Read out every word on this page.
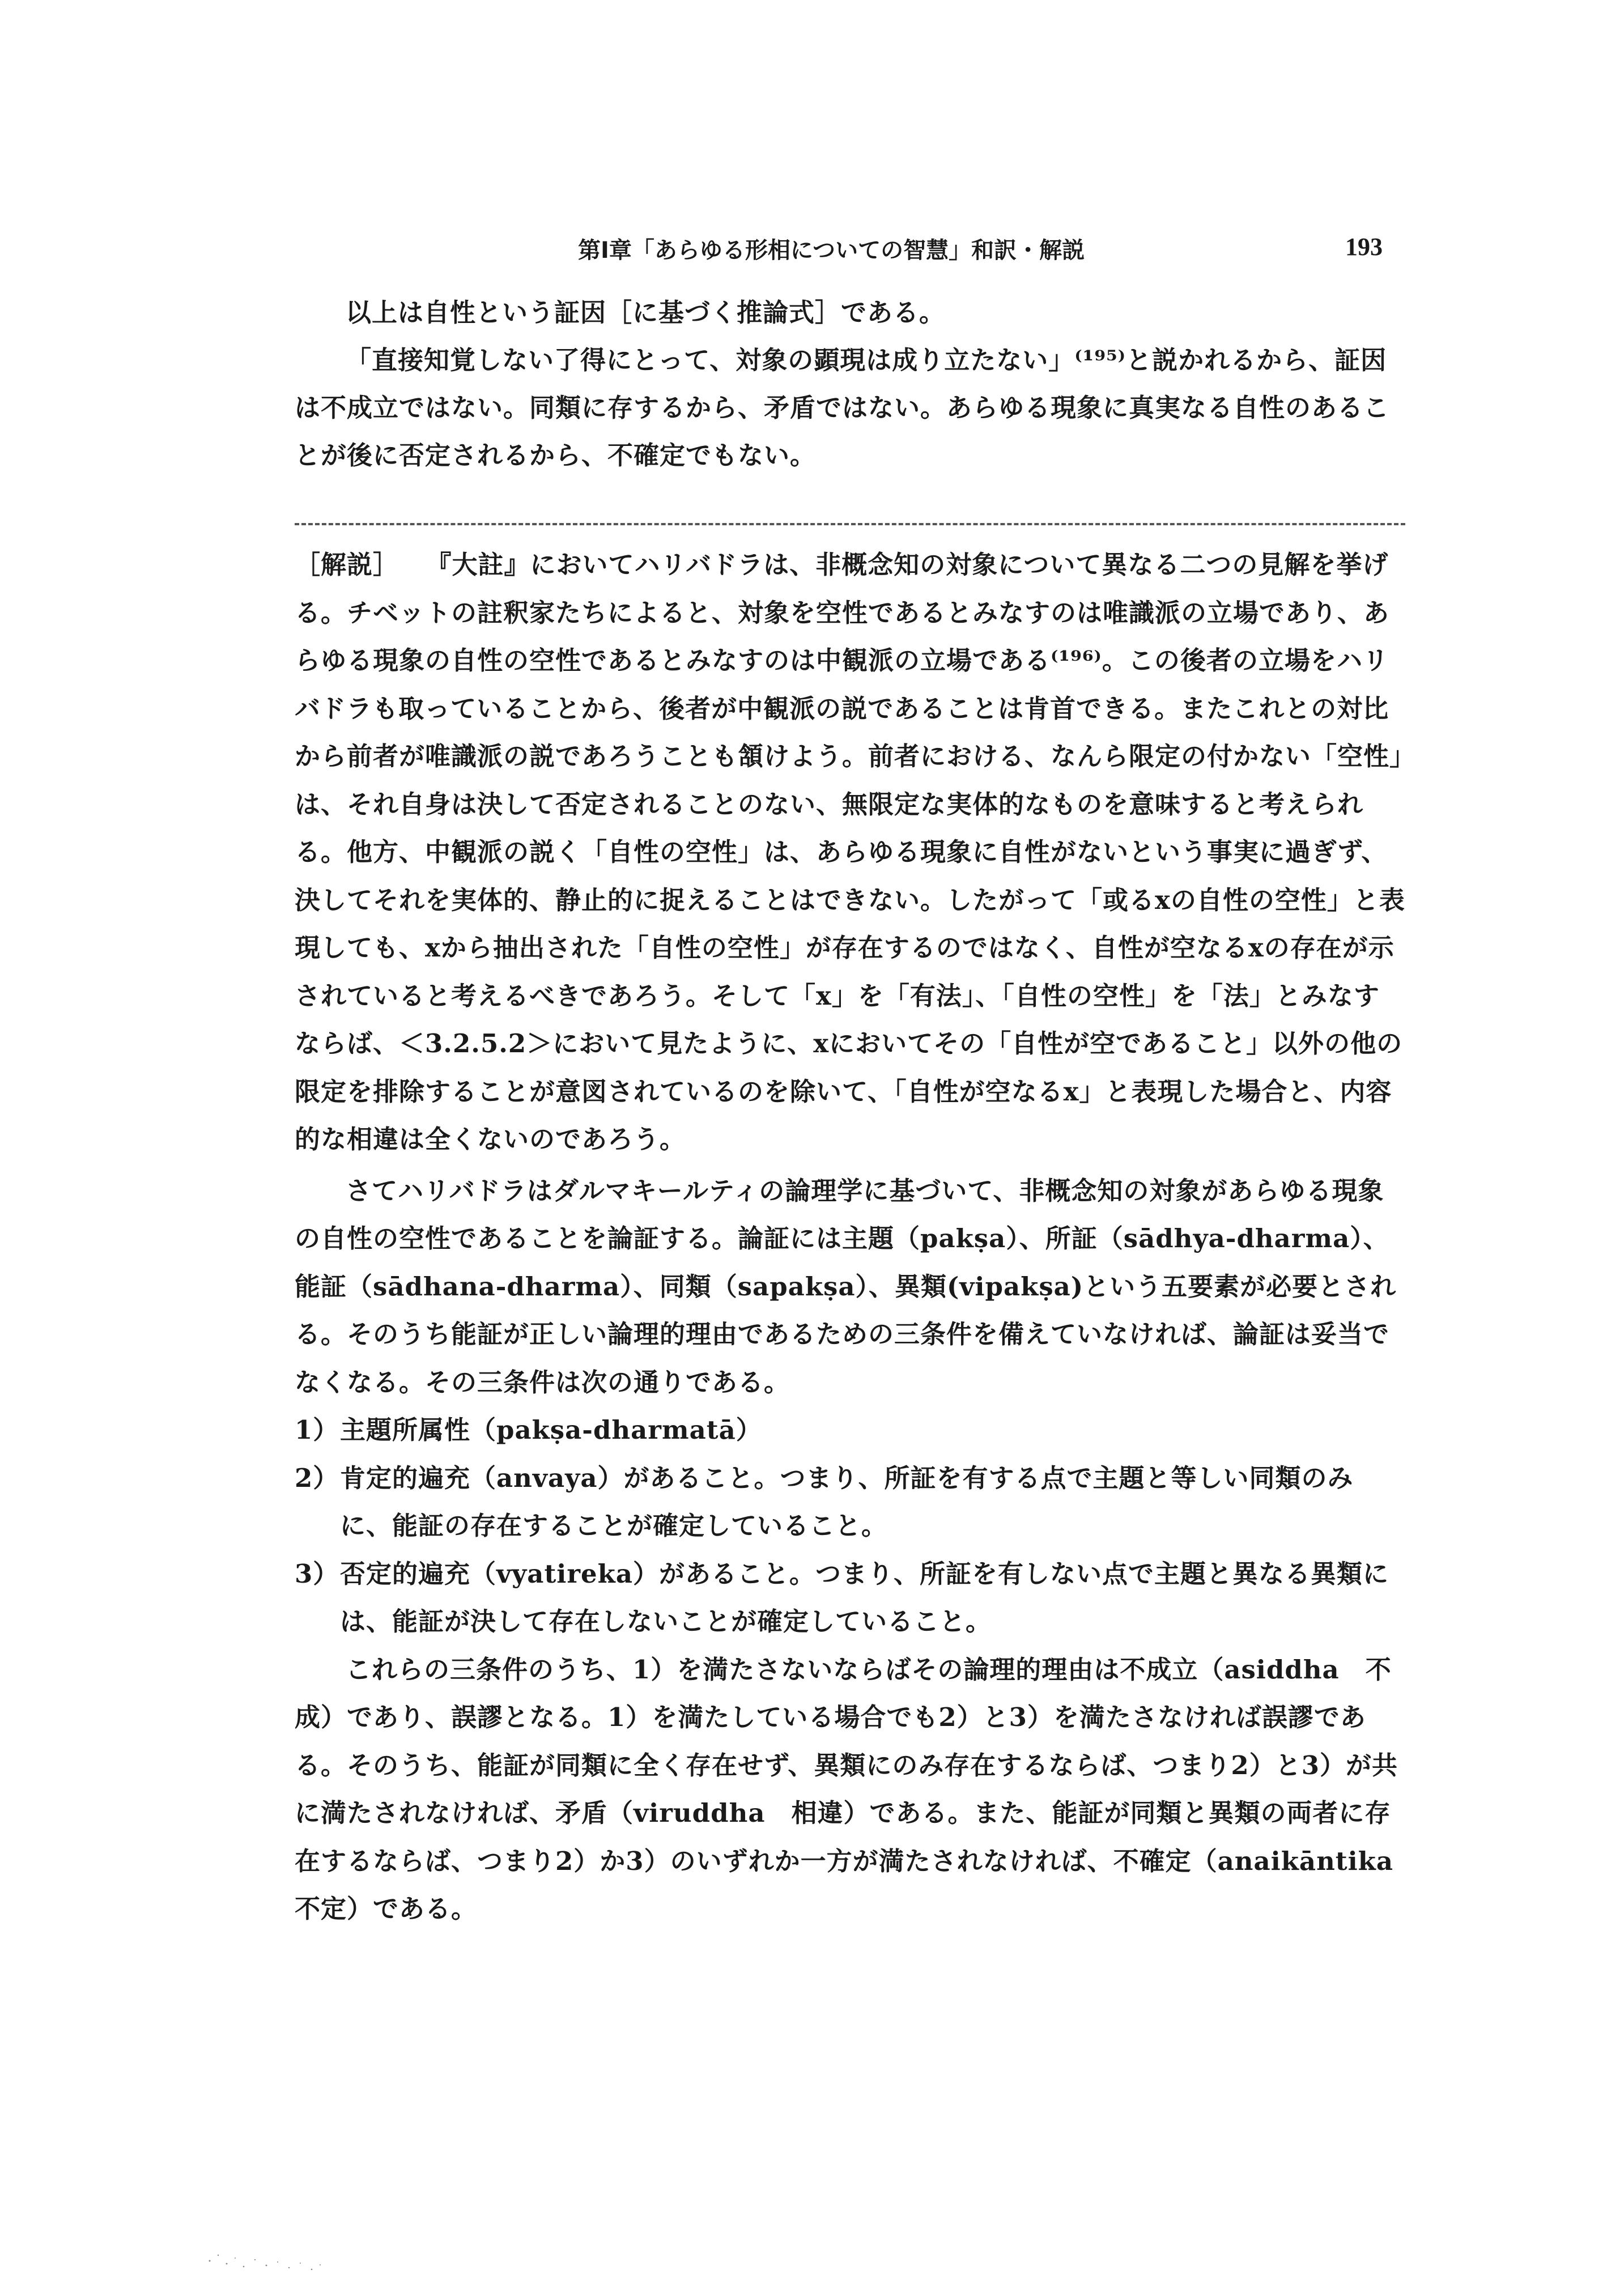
第Ⅰ章「あらゆる形相についての智慧」和訳・解説	193

以上は自性という証因［に基づく推論式］である。

「直接知覚しない了得にとって、対象の顕現は成り立たない」⁽¹⁹⁵⁾と説かれるから、証因は不成立ではない。同類に存するから、矛盾ではない。あらゆる現象に真実なる自性のあることが後に否定されるから、不確定でもない。

［解説］ 『大註』においてハリバドラは、非概念知の対象について異なる二つの見解を挙げる。チベットの註釈家たちによると、対象を空性であるとみなすのは唯識派の立場であり、あらゆる現象の自性の空性であるとみなすのは中観派の立場である⁽¹⁹⁶⁾。この後者の立場をハリバドラも取っていることから、後者が中観派の説であることは肯首できる。またこれとの対比から前者が唯識派の説であろうことも頷けよう。前者における、なんら限定の付かない「空性」は、それ自身は決して否定されることのない、無限定な実体的なものを意味すると考えられる。他方、中観派の説く「自性の空性」は、あらゆる現象に自性がないという事実に過ぎず、決してそれを実体的、静止的に捉えることはできない。したがって「或るxの自性の空性」と表現しても、xから抽出された「自性の空性」が存在するのではなく、自性が空なるxの存在が示されていると考えるべきであろう。そして「x」を「有法」、「自性の空性」を「法」とみなすならば、＜3.2.5.2＞において見たように、xにおいてその「自性が空であること」以外の他の限定を排除することが意図されているのを除いて、「自性が空なるx」と表現した場合と、内容的な相違は全くないのであろう。

さてハリバドラはダルマキールティの論理学に基づいて、非概念知の対象があらゆる現象の自性の空性であることを論証する。論証には主題（pakṣa）、所証（sādhya-dharma）、能証（sādhana-dharma）、同類（sapakṣa）、異類(vipakṣa)という五要素が必要とされる。そのうち能証が正しい論理的理由であるための三条件を備えていなければ、論証は妥当でなくなる。その三条件は次の通りである。

1）主題所属性（pakṣa-dharmatā）
2）肯定的遍充（anvaya）があること。つまり、所証を有する点で主題と等しい同類のみに、能証の存在することが確定していること。
3）否定的遍充（vyatireka）があること。つまり、所証を有しない点で主題と異なる異類には、能証が決して存在しないことが確定していること。

これらの三条件のうち、1）を満たさないならばその論理的理由は不成立（asiddha　不成）であり、誤謬となる。1）を満たしている場合でも2）と3）を満たさなければ誤謬である。そのうち、能証が同類に全く存在せず、異類にのみ存在するならば、つまり2）と3）が共に満たされなければ、矛盾（viruddha　相違）である。また、能証が同類と異類の両者に存在するならば、つまり2）か3）のいずれか一方が満たされなければ、不確定（anaikāntika　不定）である。
